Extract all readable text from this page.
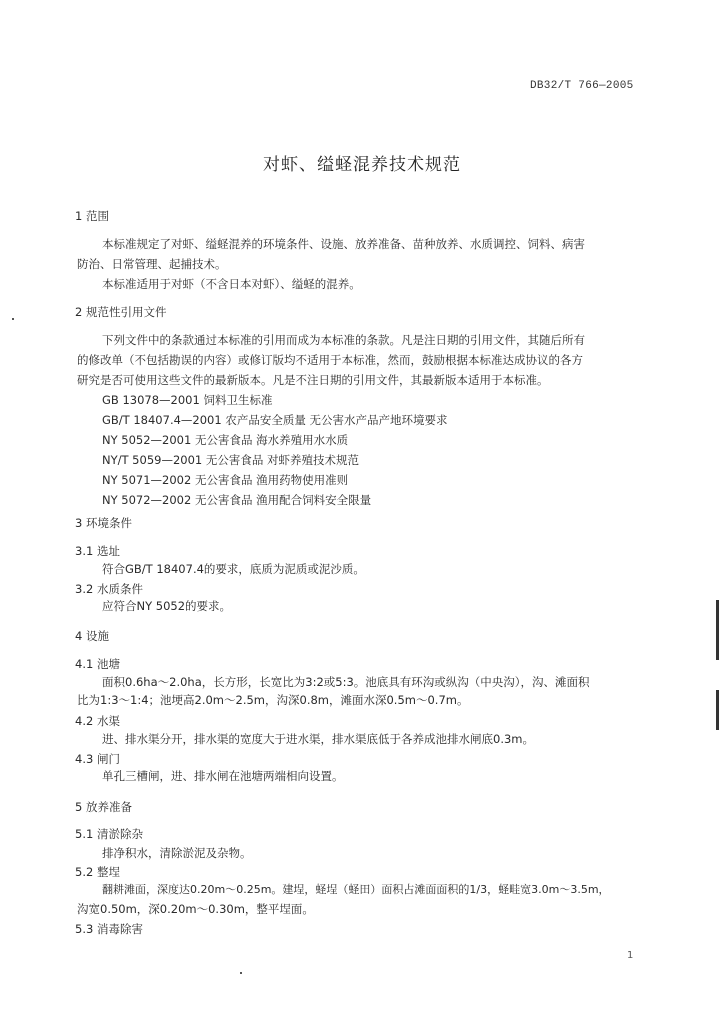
DB32/T 766—2005
对虾、缢蛏混养技术规范
1 范围
本标准规定了对虾、缢蛏混养的环境条件、设施、放养准备、苗种放养、水质调控、饲料、病害
防治、日常管理、起捕技术。
本标准适用于对虾（不含日本对虾）、缢蛏的混养。
2 规范性引用文件
下列文件中的条款通过本标准的引用而成为本标准的条款。凡是注日期的引用文件，其随后所有
的修改单（不包括勘误的内容）或修订版均不适用于本标准，然而，鼓励根据本标准达成协议的各方
研究是否可使用这些文件的最新版本。凡是不注日期的引用文件，其最新版本适用于本标准。
GB 13078—2001 饲料卫生标准
GB/T 18407.4—2001 农产品安全质量 无公害水产品产地环境要求
NY 5052—2001 无公害食品 海水养殖用水水质
NY/T 5059—2001 无公害食品 对虾养殖技术规范
NY 5071—2002 无公害食品 渔用药物使用准则
NY 5072—2002 无公害食品 渔用配合饲料安全限量
3 环境条件
3.1 选址
符合GB/T 18407.4的要求，底质为泥质或泥沙质。
3.2 水质条件
应符合NY 5052的要求。
4 设施
4.1 池塘
面积0.6ha～2.0ha，长方形，长宽比为3:2或5:3。池底具有环沟或纵沟（中央沟），沟、滩面积
比为1:3～1:4；池埂高2.0m～2.5m，沟深0.8m，滩面水深0.5m～0.7m。
4.2 水渠
进、排水渠分开，排水渠的宽度大于进水渠，排水渠底低于各养成池排水闸底0.3m。
4.3 闸门
单孔三槽闸，进、排水闸在池塘两端相向设置。
5 放养准备
5.1 清淤除杂
排净积水，清除淤泥及杂物。
5.2 整埕
翻耕滩面，深度达0.20m～0.25m。建埕，蛏埕（蛏田）面积占滩面面积的1/3，蛏畦宽3.0m～3.5m，
沟宽0.50m，深0.20m～0.30m，整平埕面。
5.3 消毒除害
1
